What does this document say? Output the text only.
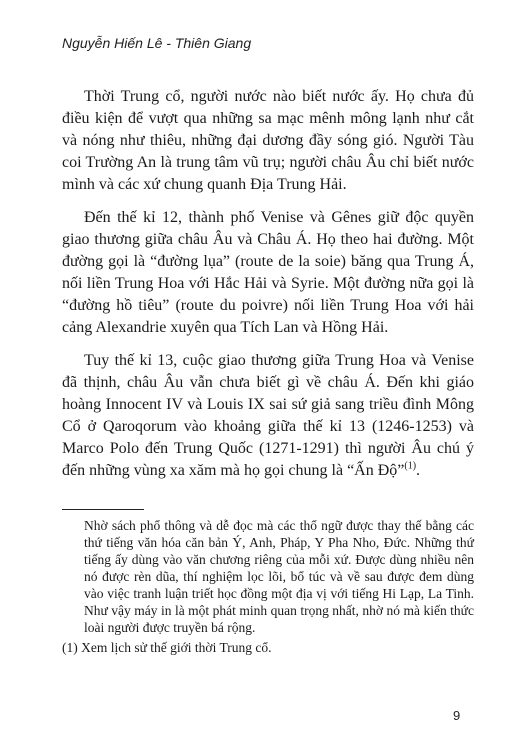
Nguyễn Hiến Lê - Thiên Giang

Thời Trung cổ, người nước nào biết nước ấy. Họ chưa đủ điều kiện để vượt qua những sa mạc mênh mông lạnh như cắt và nóng như thiêu, những đại dương đầy sóng gió. Người Tàu coi Trường An là trung tâm vũ trụ; người châu Âu chỉ biết nước mình và các xứ chung quanh Địa Trung Hải.

Đến thế kỉ 12, thành phố Venise và Gênes giữ độc quyền giao thương giữa châu Âu và Châu Á. Họ theo hai đường. Một đường gọi là “đường lụa” (route de la soie) băng qua Trung Á, nối liền Trung Hoa với Hắc Hải và Syrie. Một đường nữa gọi là “đường hồ tiêu” (route du poivre) nối liền Trung Hoa với hải cảng Alexandrie xuyên qua Tích Lan và Hồng Hải.

Tuy thế kỉ 13, cuộc giao thương giữa Trung Hoa và Venise đã thịnh, châu Âu vẫn chưa biết gì về châu Á. Đến khi giáo hoàng Innocent IV và Louis IX sai sứ giả sang triều đình Mông Cổ ở Qaroqorum vào khoảng giữa thế kỉ 13 (1246-1253) và Marco Polo đến Trung Quốc (1271-1291) thì người Âu chú ý đến những vùng xa xăm mà họ gọi chung là “Ấn Độ”$^{(1)}$.

Nhờ sách phổ thông và dễ đọc mà các thổ ngữ được thay thế bằng các thứ tiếng văn hóa căn bản Ý, Anh, Pháp, Y Pha Nho, Đức. Những thứ tiếng ấy dùng vào văn chương riêng của mỗi xứ. Được dùng nhiều nên nó được rèn dũa, thí nghiệm lọc lõi, bổ túc và về sau được đem dùng vào việc tranh luận triết học đồng một địa vị với tiếng Hi Lạp, La Tinh. Như vậy máy in là một phát minh quan trọng nhất, nhờ nó mà kiến thức loài người được truyền bá rộng.

(1) Xem lịch sử thế giới thời Trung cổ.

9
